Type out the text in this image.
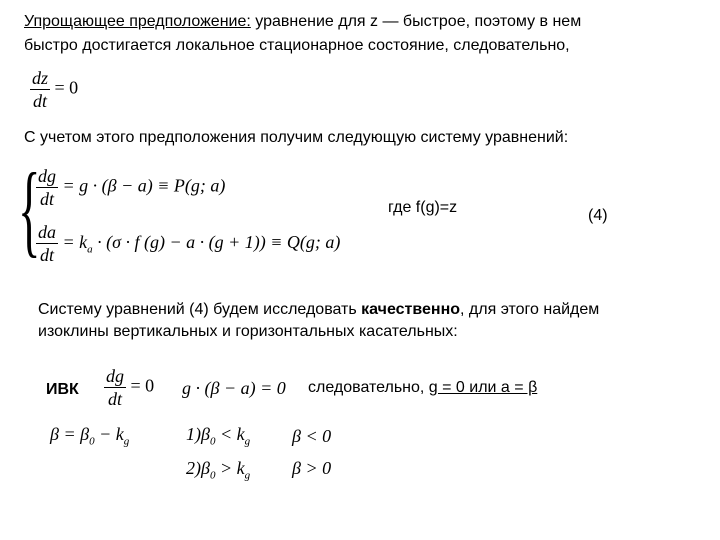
Упрощающее предположение: уравнение для z — быстрое, поэтому в нем
быстро достигается локальное стационарное состояние, следовательно,
$\frac{dz}{dt} = 0$
С учетом этого предположения получим следующую систему уравнений:
{
$\frac{dg}{dt} = g \cdot (\beta - a) \equiv P(g$; a)
$\frac{da}{dt} = k_a \cdot (\sigma \cdot f$ (g) − a · (g + 1)) ≡ Q(g; a)
где f(g)=z	(4)
Систему уравнений (4) будем исследовать качественно, для этого найдем
изоклины вертикальных и горизонтальных касательных:
ИВК $\frac{dg}{dt} = 0$ g · (β − a) = 0 следовательно, g = 0 или a = β
$\beta = \beta_0 - k_g$	$1)\beta_0 < k_g$ β < 0
$2)\beta_0 > k_g$ β > 0
